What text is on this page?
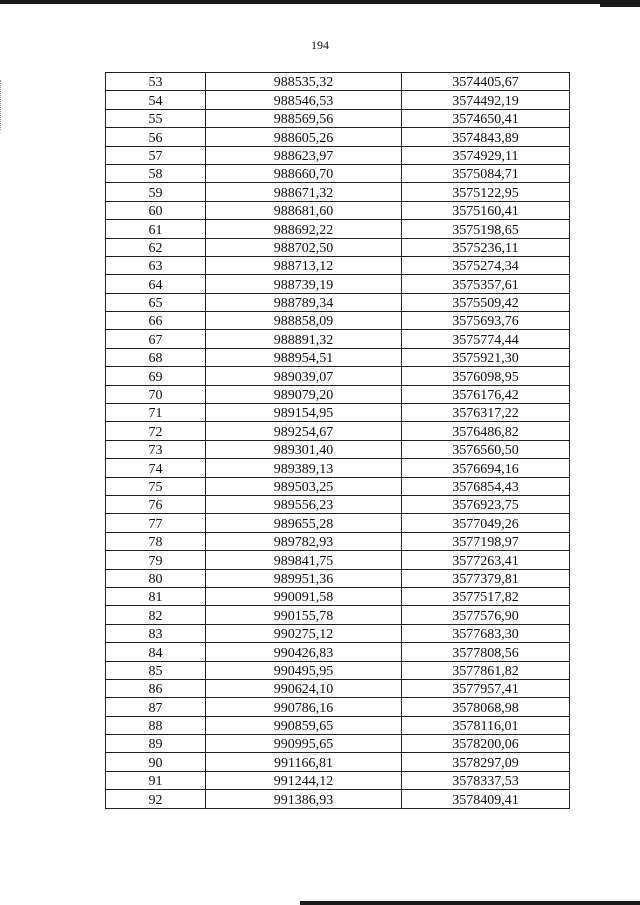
194
53	988535,32	3574405,67
54	988546,53	3574492,19
55	988569,56	3574650,41
56	988605,26	3574843,89
57	988623,97	3574929,11
58	988660,70	3575084,71
59	988671,32	3575122,95
60	988681,60	3575160,41
61	988692,22	3575198,65
62	988702,50	3575236,11
63	988713,12	3575274,34
64	988739,19	3575357,61
65	988789,34	3575509,42
66	988858,09	3575693,76
67	988891,32	3575774,44
68	988954,51	3575921,30
69	989039,07	3576098,95
70	989079,20	3576176,42
71	989154,95	3576317,22
72	989254,67	3576486,82
73	989301,40	3576560,50
74	989389,13	3576694,16
75	989503,25	3576854,43
76	989556,23	3576923,75
77	989655,28	3577049,26
78	989782,93	3577198,97
79	989841,75	3577263,41
80	989951,36	3577379,81
81	990091,58	3577517,82
82	990155,78	3577576,90
83	990275,12	3577683,30
84	990426,83	3577808,56
85	990495,95	3577861,82
86	990624,10	3577957,41
87	990786,16	3578068,98
88	990859,65	3578116,01
89	990995,65	3578200,06
90	991166,81	3578297,09
91	991244,12	3578337,53
92	991386,93	3578409,41
